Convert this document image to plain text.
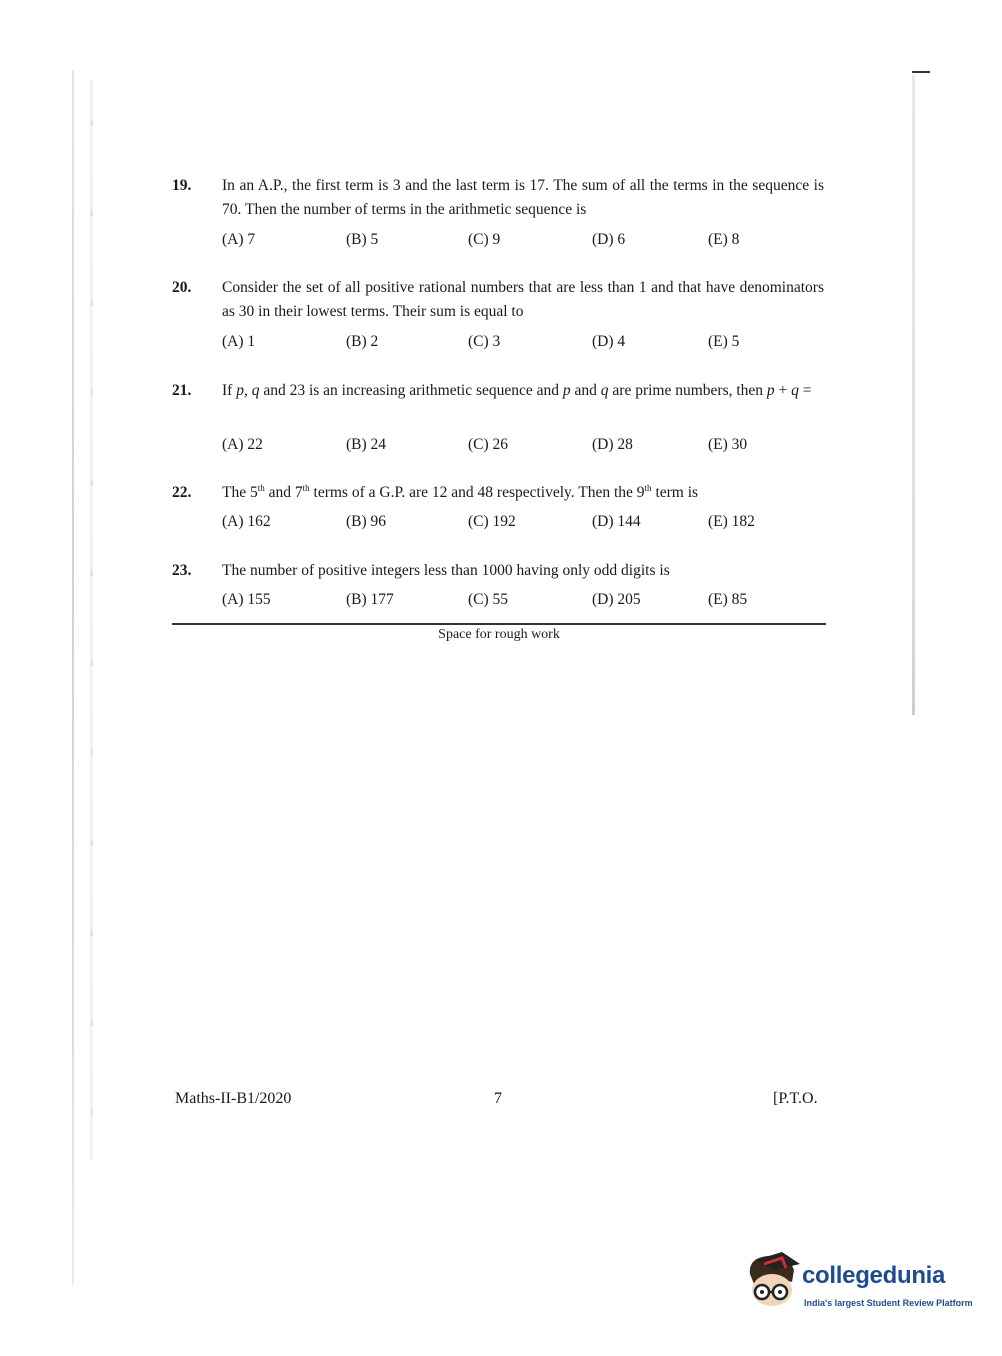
19. In an A.P., the first term is 3 and the last term is 17. The sum of all the terms in the sequence is 70. Then the number of terms in the arithmetic sequence is
(A) 7	(B) 5	(C) 9	(D) 6	(E) 8
20. Consider the set of all positive rational numbers that are less than 1 and that have denominators as 30 in their lowest terms. Their sum is equal to
(A) 1	(B) 2	(C) 3	(D) 4	(E) 5
21. If p, q and 23 is an increasing arithmetic sequence and p and q are prime numbers, then p + q =
(A) 22	(B) 24	(C) 26	(D) 28	(E) 30
22. The 5th and 7th terms of a G.P. are 12 and 48 respectively. Then the 9th term is
(A) 162	(B) 96	(C) 192	(D) 144	(E) 182
23. The number of positive integers less than 1000 having only odd digits is
(A) 155	(B) 177	(C) 55	(D) 205	(E) 85
Space for rough work
Maths-II-B1/2020	7	[P.T.O.
collegedunia
India's largest Student Review Platform
